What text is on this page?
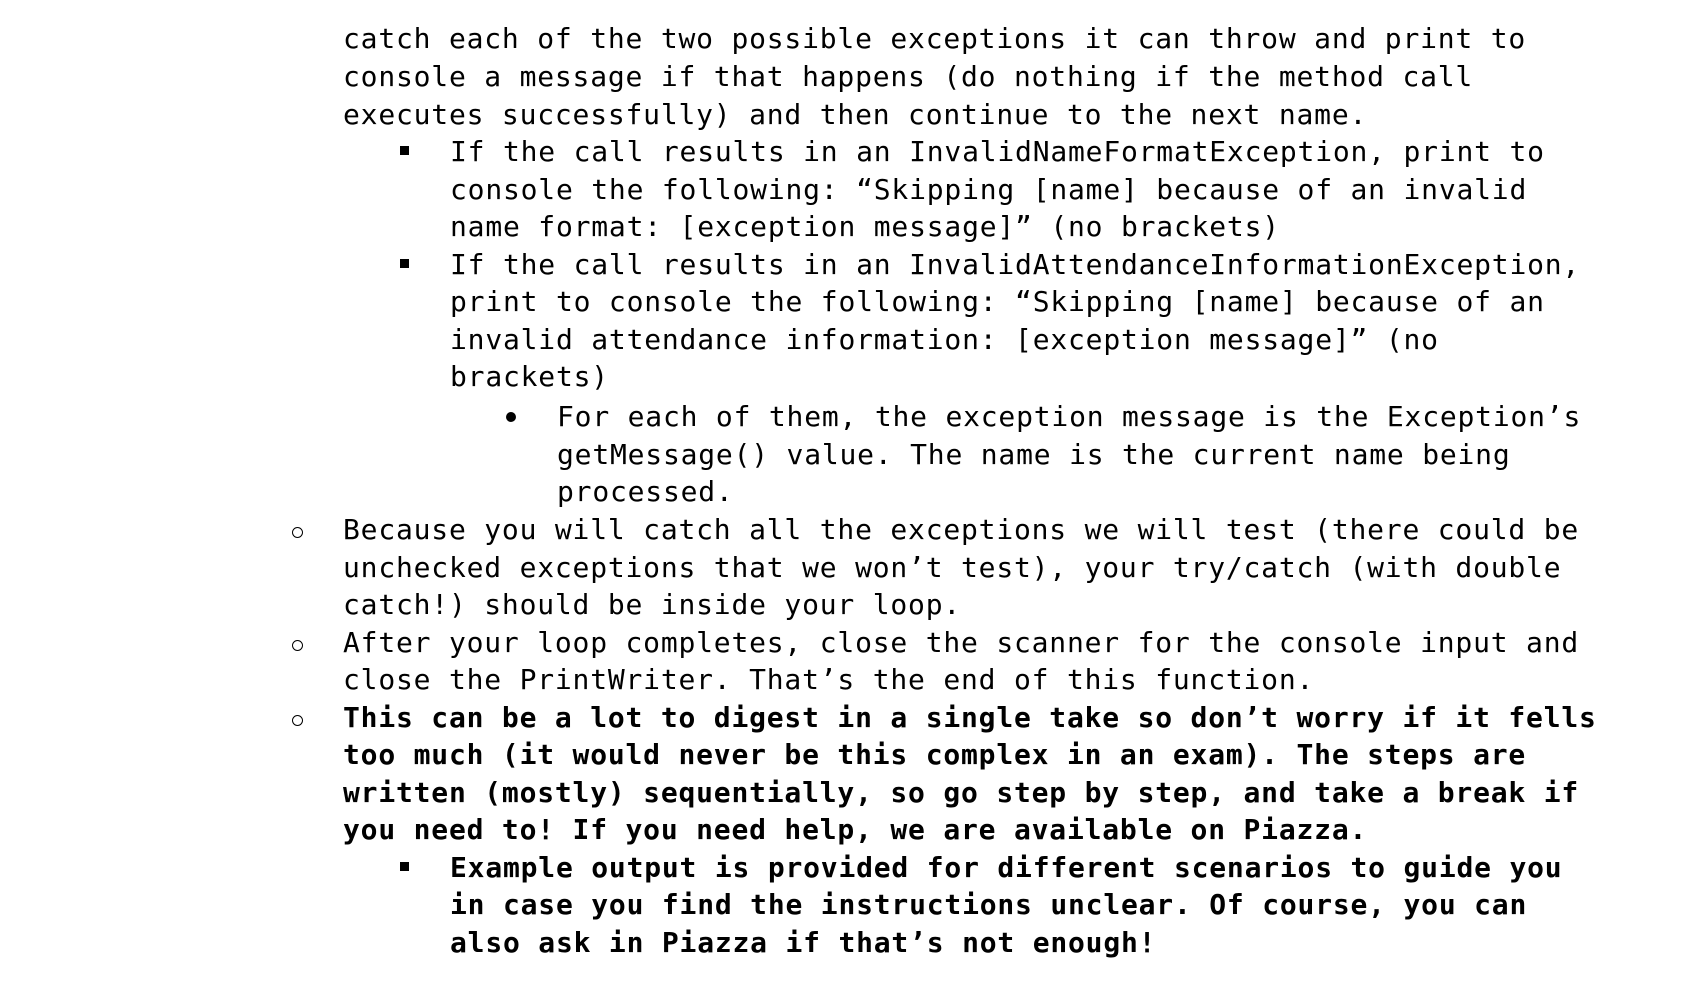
catch each of the two possible exceptions it can throw and print to

console a message if that happens (do nothing if the method call

executes successfully) and then continue to the next name.

If the call results in an InvalidNameFormatException, print to

console the following: “Skipping [name] because of an invalid

name format: [exception message]” (no brackets)

If the call results in an InvalidAttendanceInformationException,

print to console the following: “Skipping [name] because of an

invalid attendance information: [exception message]” (no

brackets)

For each of them, the exception message is the Exception’s

getMessage() value. The name is the current name being

processed.

Because you will catch all the exceptions we will test (there could be

unchecked exceptions that we won’t test), your try/catch (with double

catch!) should be inside your loop.

After your loop completes, close the scanner for the console input and

close the PrintWriter. That’s the end of this function.

This can be a lot to digest in a single take so don’t worry if it fells

too much (it would never be this complex in an exam). The steps are

written (mostly) sequentially, so go step by step, and take a break if

you need to! If you need help, we are available on Piazza.

Example output is provided for different scenarios to guide you

in case you find the instructions unclear. Of course, you can

also ask in Piazza if that’s not enough!
